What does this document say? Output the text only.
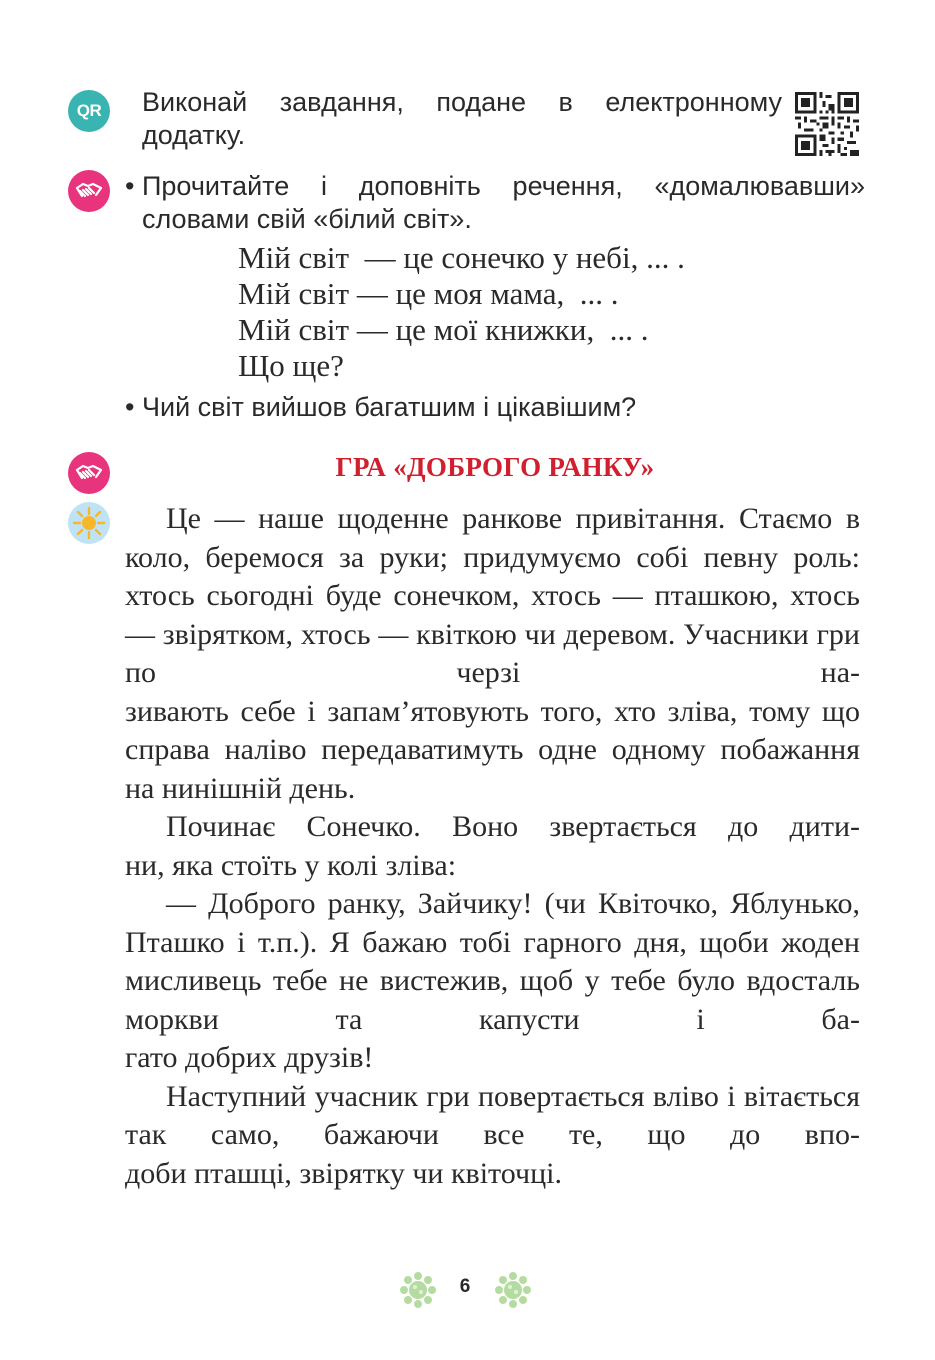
QR Виконай завдання, подане в електронному
додатку.
• Прочитайте і доповніть речення, «домалювавши»
словами свій «білий світ».
Мій світ  — це сонечко у небі, ... .
Мій світ — це моя мама,  ... .
Мій світ — це мої книжки,  ... .
Що ще?
• Чий світ вийшов багатшим і цікавішим?
ГРА «ДОБРОГО РАНКУ»

Це — наше щоденне ранкове привітання. Стаємо в коло, беремося за руки; придумуємо собі певну роль: хтось сьогодні буде сонечком, хтось — пташкою, хтось — звірятком, хтось — квіткою чи деревом. Учасники гри по черзі на-

зивають себе і запам’ятовують того, хто зліва, тому що справа наліво передаватимуть одне одному побажання на нинішній день.

Починає Сонечко. Воно звертається до дити-

ни, яка стоїть у колі зліва:

— Доброго ранку, Зайчику! (чи Квіточко, Яблунько, Пташко і т.п.). Я бажаю тобі гарного дня, щоби жоден мисливець тебе не вистежив, щоб у тебе було вдосталь моркви та капусти і ба-

гато добрих друзів!

Наступний учасник гри повертається вліво і вітається так само, бажаючи все те, що до впо-

доби пташці, звірятку чи квіточці.

6
